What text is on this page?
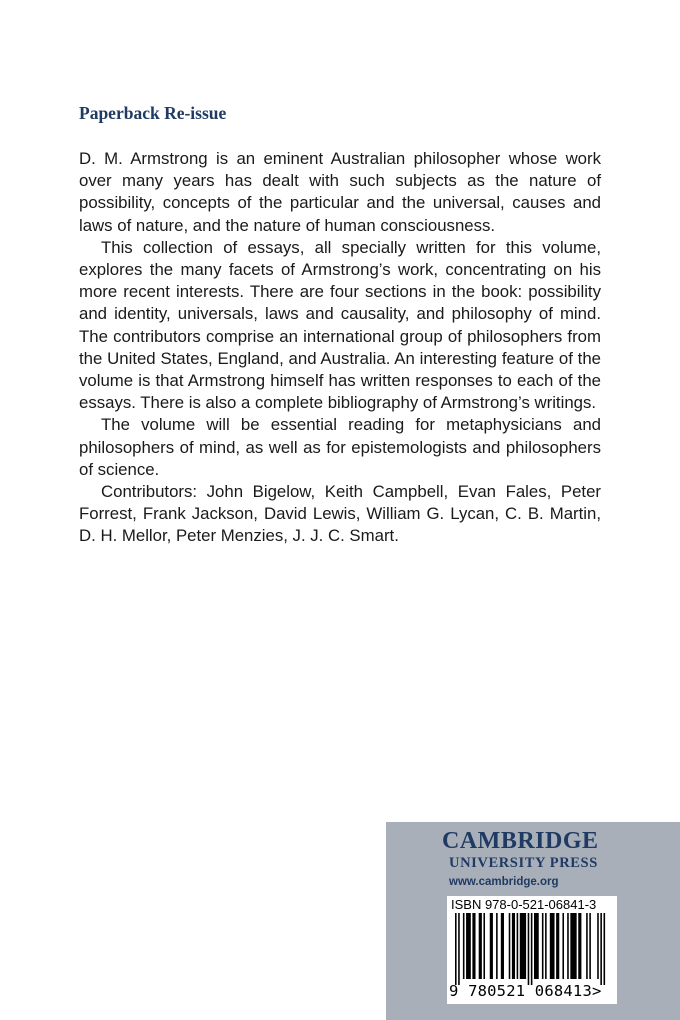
Paperback Re-issue

D. M. Armstrong is an eminent Australian philosopher whose work over many years has dealt with such subjects as the nature of possibility, concepts of the particular and the universal, causes and laws of nature, and the nature of human consciousness.

This collection of essays, all specially written for this volume, explores the many facets of Armstrong’s work, concentrating on his more recent interests. There are four sections in the book: possibility and identity, universals, laws and causality, and philosophy of mind. The contributors comprise an international group of philosophers from the United States, England, and Australia. An interesting feature of the volume is that Armstrong himself has written responses to each of the essays. There is also a complete bibliography of Armstrong’s writings.

The volume will be essential reading for metaphysicians and philosophers of mind, as well as for epistemologists and philosophers of science.

Contributors: John Bigelow, Keith Campbell, Evan Fales, Peter Forrest, Frank Jackson, David Lewis, William G. Lycan, C. B. Martin, D. H. Mellor, Peter Menzies, J. J. C. Smart.

CAMBRIDGE
UNIVERSITY PRESS
www.cambridge.org
ISBN 978-0-521-06841-3
9 780521 068413>
